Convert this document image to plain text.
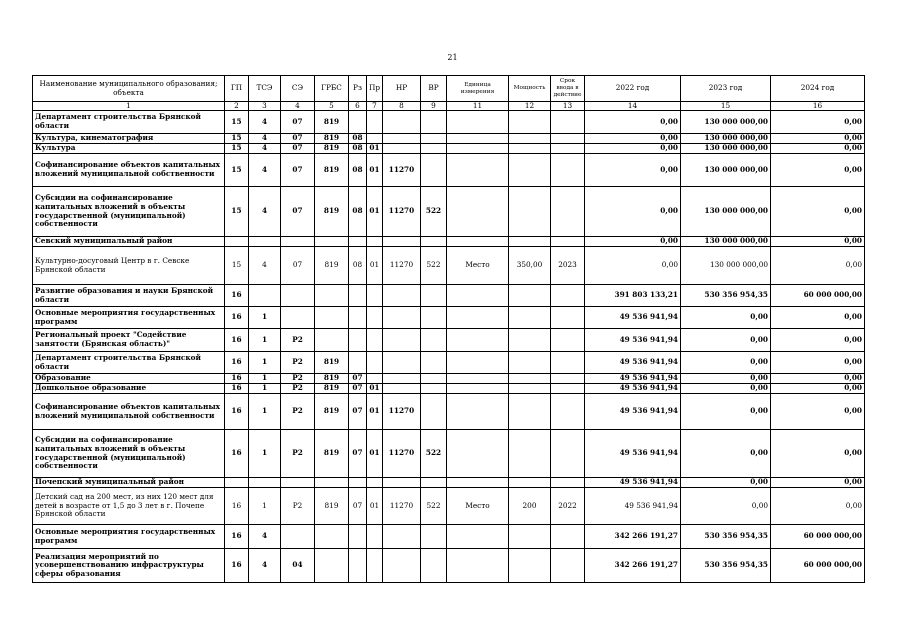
21
Наименование муниципального образования; объекта	ГП	ТСЭ	СЭ	ГРБС	Рз	Пр	НР	ВР	Единица измерения	Мощность	Срок ввода в действие	2022 год	2023 год	2024 год
1	2	3	4	5	6	7	8	9	11	12	13	14	15	16
Департамент строительства Брянской области	15	4	07	819								0,00	130 000 000,00	0,00
Культура, кинематография	15	4	07	819	08							0,00	130 000 000,00	0,00
Культура	15	4	07	819	08	01						0,00	130 000 000,00	0,00
Софинансирование объектов капитальных вложений муниципальной собственности	15	4	07	819	08	01	11270					0,00	130 000 000,00	0,00
Субсидии на софинансирование капитальных вложений в объекты государственной (муниципальной) собственности	15	4	07	819	08	01	11270	522				0,00	130 000 000,00	0,00
Севский муниципальный район												0,00	130 000 000,00	0,00
Культурно-досуговый Центр в г. Севске Брянской области	15	4	07	819	08	01	11270	522	Место	350,00	2023	0,00	130 000 000,00	0,00
Развитие образования и науки Брянской области	16											391 803 133,21	530 356 954,35	60 000 000,00
Основные мероприятия государственных программ	16	1										49 536 941,94	0,00	0,00
Региональный проект "Содействие занятости (Брянская область)"	16	1	Р2									49 536 941,94	0,00	0,00
Департамент строительства Брянской области	16	1	Р2	819								49 536 941,94	0,00	0,00
Образование	16	1	Р2	819	07							49 536 941,94	0,00	0,00
Дошкольное образование	16	1	Р2	819	07	01						49 536 941,94	0,00	0,00
Софинансирование объектов капитальных вложений муниципальной собственности	16	1	Р2	819	07	01	11270					49 536 941,94	0,00	0,00
Субсидии на софинансирование капитальных вложений в объекты государственной (муниципальной) собственности	16	1	Р2	819	07	01	11270	522				49 536 941,94	0,00	0,00
Почепский муниципальный район												49 536 941,94	0,00	0,00
Детский сад на 200 мест, из них 120 мест для детей в возрасте от 1,5 до 3 лет в г. Почепе Брянской области	16	1	Р2	819	07	01	11270	522	Место	200	2022	49 536 941,94	0,00	0,00
Основные мероприятия государственных программ	16	4										342 266 191,27	530 356 954,35	60 000 000,00
Реализация мероприятий по усовершенствованию инфраструктуры сферы образования	16	4	04									342 266 191,27	530 356 954,35	60 000 000,00
